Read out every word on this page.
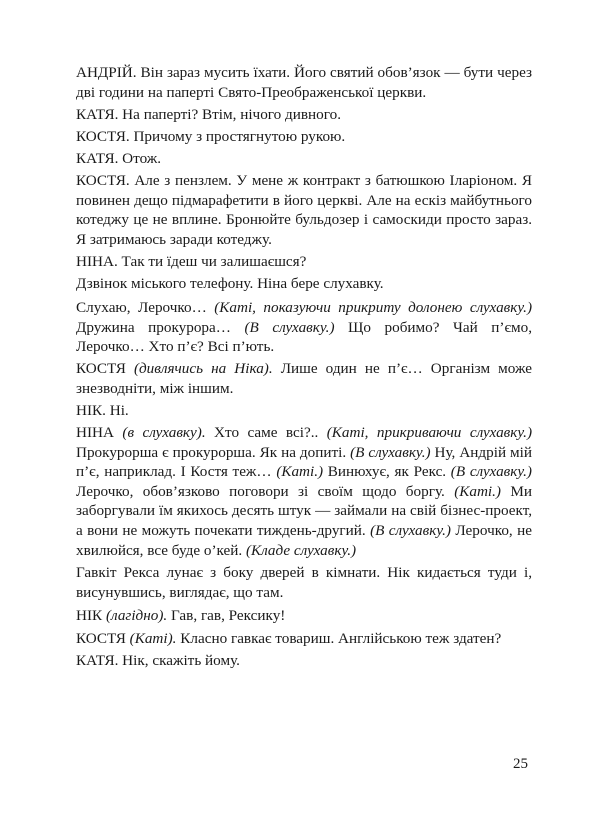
АНДРІЙ. Він зараз мусить їхати. Його святий обов’язок — бути через дві години на папертi Свято-Преображенської церкви.

КАТЯ. На паперті? Втім, нічого дивного.

КОСТЯ. Причому з простягнутою рукою.

КАТЯ. Отож.

КОСТЯ. Але з пензлем. У мене ж контракт з батюшкою Іларіоном. Я повинен дещо підмарафетити в його церкві. Але на ескіз майбутнього котеджу це не вплине. Бронюйте бульдозер і самоскиди просто зараз. Я затримаюсь заради котеджу.

НІНА. Так ти їдеш чи залишаєшся?

Дзвінок міського телефону. Ніна бере слухавку.

Слухаю, Лерочко… (Каті, показуючи прикриту долонею слухавку.) Дружина прокурора… (В слухавку.) Що робимо? Чай п’ємо, Лерочко… Хто п’є? Всі п’ють.

КОСТЯ (дивлячись на Ніка). Лише один не п’є… Організм може знезводніти, між іншим.

НІК. Ні.

НІНА (в слухавку). Хто саме всі?.. (Каті, прикриваючи слухавку.) Прокурорша є прокурорша. Як на допиті. (В слухавку.) Ну, Андрій мій п’є, наприклад. І Костя теж… (Каті.) Винюхує, як Рекс. (В слухавку.) Лерочко, обов’язково поговори зі своїм щодо боргу. (Каті.) Ми заборгували їм якихось десять штук — займали на свій бізнес-проект, а вони не можуть почекати тиждень-другий. (В слухавку.) Лерочко, не хвилюйся, все буде о’кей. (Кладе слухавку.)

Гавкіт Рекса лунає з боку дверей в кімнати. Нік кидається туди і, висунувшись, виглядає, що там.

НІК (лагідно). Гав, гав, Рексику!

КОСТЯ (Каті). Класно гавкає товариш. Англійською теж здатен?

КАТЯ. Нік, скажіть йому.

25
